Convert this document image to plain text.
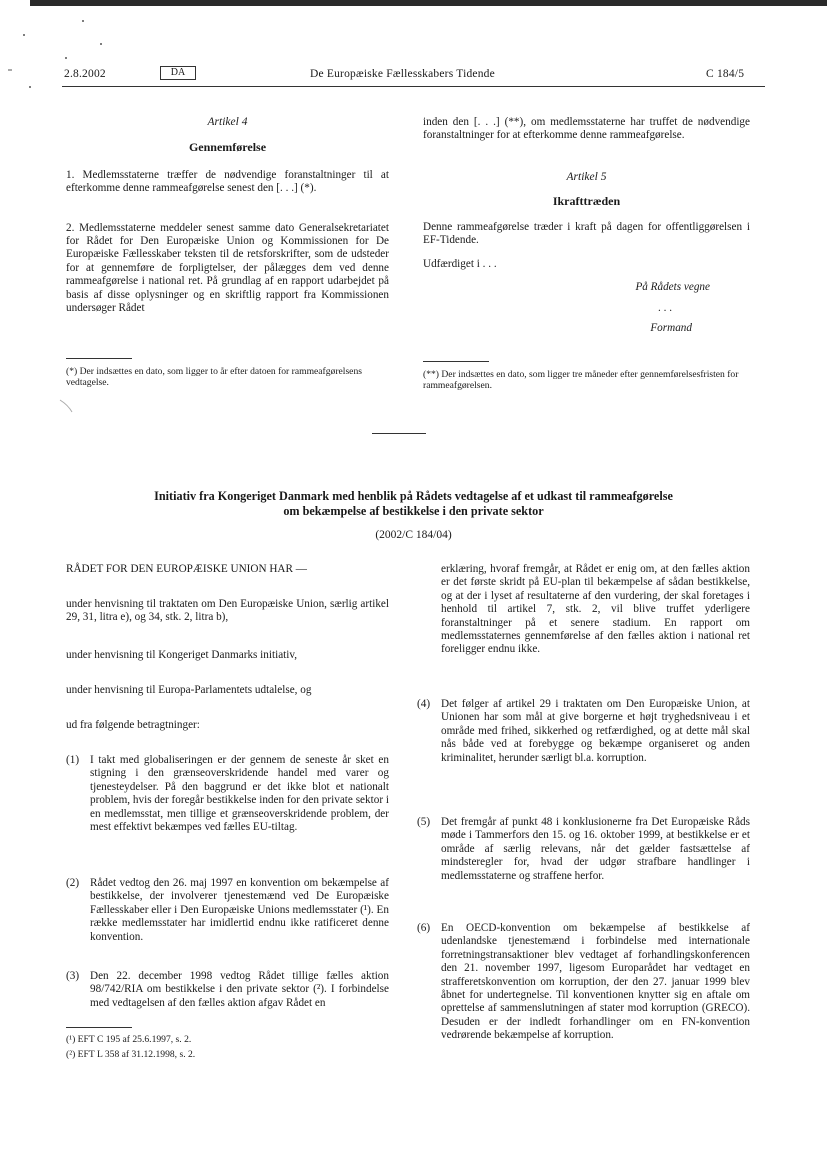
2.8.2002	DA	De Europæiske Fællesskabers Tidende	C 184/5

Artikel 4

Gennemførelse

1. Medlemsstaterne træffer de nødvendige foranstaltninger til at efterkomme denne rammeafgørelse senest den [. . .] (*).

2. Medlemsstaterne meddeler senest samme dato Generalsekretariatet for Rådet for Den Europæiske Union og Kommissionen for De Europæiske Fællesskaber teksten til de retsforskrifter, som de udsteder for at gennemføre de forpligtelser, der pålægges dem ved denne rammeafgørelse i national ret. På grundlag af en rapport udarbejdet på basis af disse oplysninger og en skriftlig rapport fra Kommissionen undersøger Rådet

inden den [. . .] (**), om medlemsstaterne har truffet de nødvendige foranstaltninger for at efterkomme denne rammeafgørelse.

Artikel 5

Ikrafttræden

Denne rammeafgørelse træder i kraft på dagen for offentliggørelsen i EF-Tidende.

Udfærdiget i . . .

På Rådets vegne

. . .

Formand

(*) Der indsættes en dato, som ligger to år efter datoen for rammeafgørelsens vedtagelse.
(**) Der indsættes en dato, som ligger tre måneder efter gennemførelsesfristen for rammeafgørelsen.
Initiativ fra Kongeriget Danmark med henblik på Rådets vedtagelse af et udkast til rammeafgørelse
om bekæmpelse af bestikkelse i den private sektor
(2002/C 184/04)
RÅDET FOR DEN EUROPÆISKE UNION HAR —
under henvisning til traktaten om Den Europæiske Union, særlig artikel 29, 31, litra e), og 34, stk. 2, litra b),
under henvisning til Kongeriget Danmarks initiativ,
under henvisning til Europa-Parlamentets udtalelse, og
ud fra følgende betragtninger:
(1) I takt med globaliseringen er der gennem de seneste år sket en stigning i den grænseoverskridende handel med varer og tjenesteydelser. På den baggrund er det ikke blot et nationalt problem, hvis der foregår bestikkelse inden for den private sektor i en medlemsstat, men tillige et grænseoverskridende problem, der mest effektivt bekæmpes ved fælles EU-tiltag.
(2) Rådet vedtog den 26. maj 1997 en konvention om bekæmpelse af bestikkelse, der involverer tjenestemænd ved De Europæiske Fællesskaber eller i Den Europæiske Unions medlemsstater (¹). En række medlemsstater har imidlertid endnu ikke ratificeret denne konvention.
(3) Den 22. december 1998 vedtog Rådet tillige fælles aktion 98/742/RIA om bestikkelse i den private sektor (²). I forbindelse med vedtagelsen af den fælles aktion afgav Rådet en
(¹) EFT C 195 af 25.6.1997, s. 2.
(²) EFT L 358 af 31.12.1998, s. 2.
erklæring, hvoraf fremgår, at Rådet er enig om, at den fælles aktion er det første skridt på EU-plan til bekæmpelse af sådan bestikkelse, og at der i lyset af resultaterne af den vurdering, der skal foretages i henhold til artikel 7, stk. 2, vil blive truffet yderligere foranstaltninger på et senere stadium. En rapport om medlemsstaternes gennemførelse af den fælles aktion i national ret foreligger endnu ikke.
(4) Det følger af artikel 29 i traktaten om Den Europæiske Union, at Unionen har som mål at give borgerne et højt tryghedsniveau i et område med frihed, sikkerhed og retfærdighed, og at dette mål skal nås både ved at forebygge og bekæmpe organiseret og anden kriminalitet, herunder særligt bl.a. korruption.
(5) Det fremgår af punkt 48 i konklusionerne fra Det Europæiske Råds møde i Tammerfors den 15. og 16. oktober 1999, at bestikkelse er et område af særlig relevans, når det gælder fastsættelse af mindsteregler for, hvad der udgør strafbare handlinger i medlemsstaterne og straffene herfor.
(6) En OECD-konvention om bekæmpelse af bestikkelse af udenlandske tjenestemænd i forbindelse med internationale forretningstransaktioner blev vedtaget af forhandlingskonferencen den 21. november 1997, ligesom Europarådet har vedtaget en strafferetskonvention om korruption, der den 27. januar 1999 blev åbnet for undertegnelse. Til konventionen knytter sig en aftale om oprettelse af sammenslutningen af stater mod korruption (GRECO). Desuden er der indledt forhandlinger om en FN-konvention vedrørende bekæmpelse af korruption.
